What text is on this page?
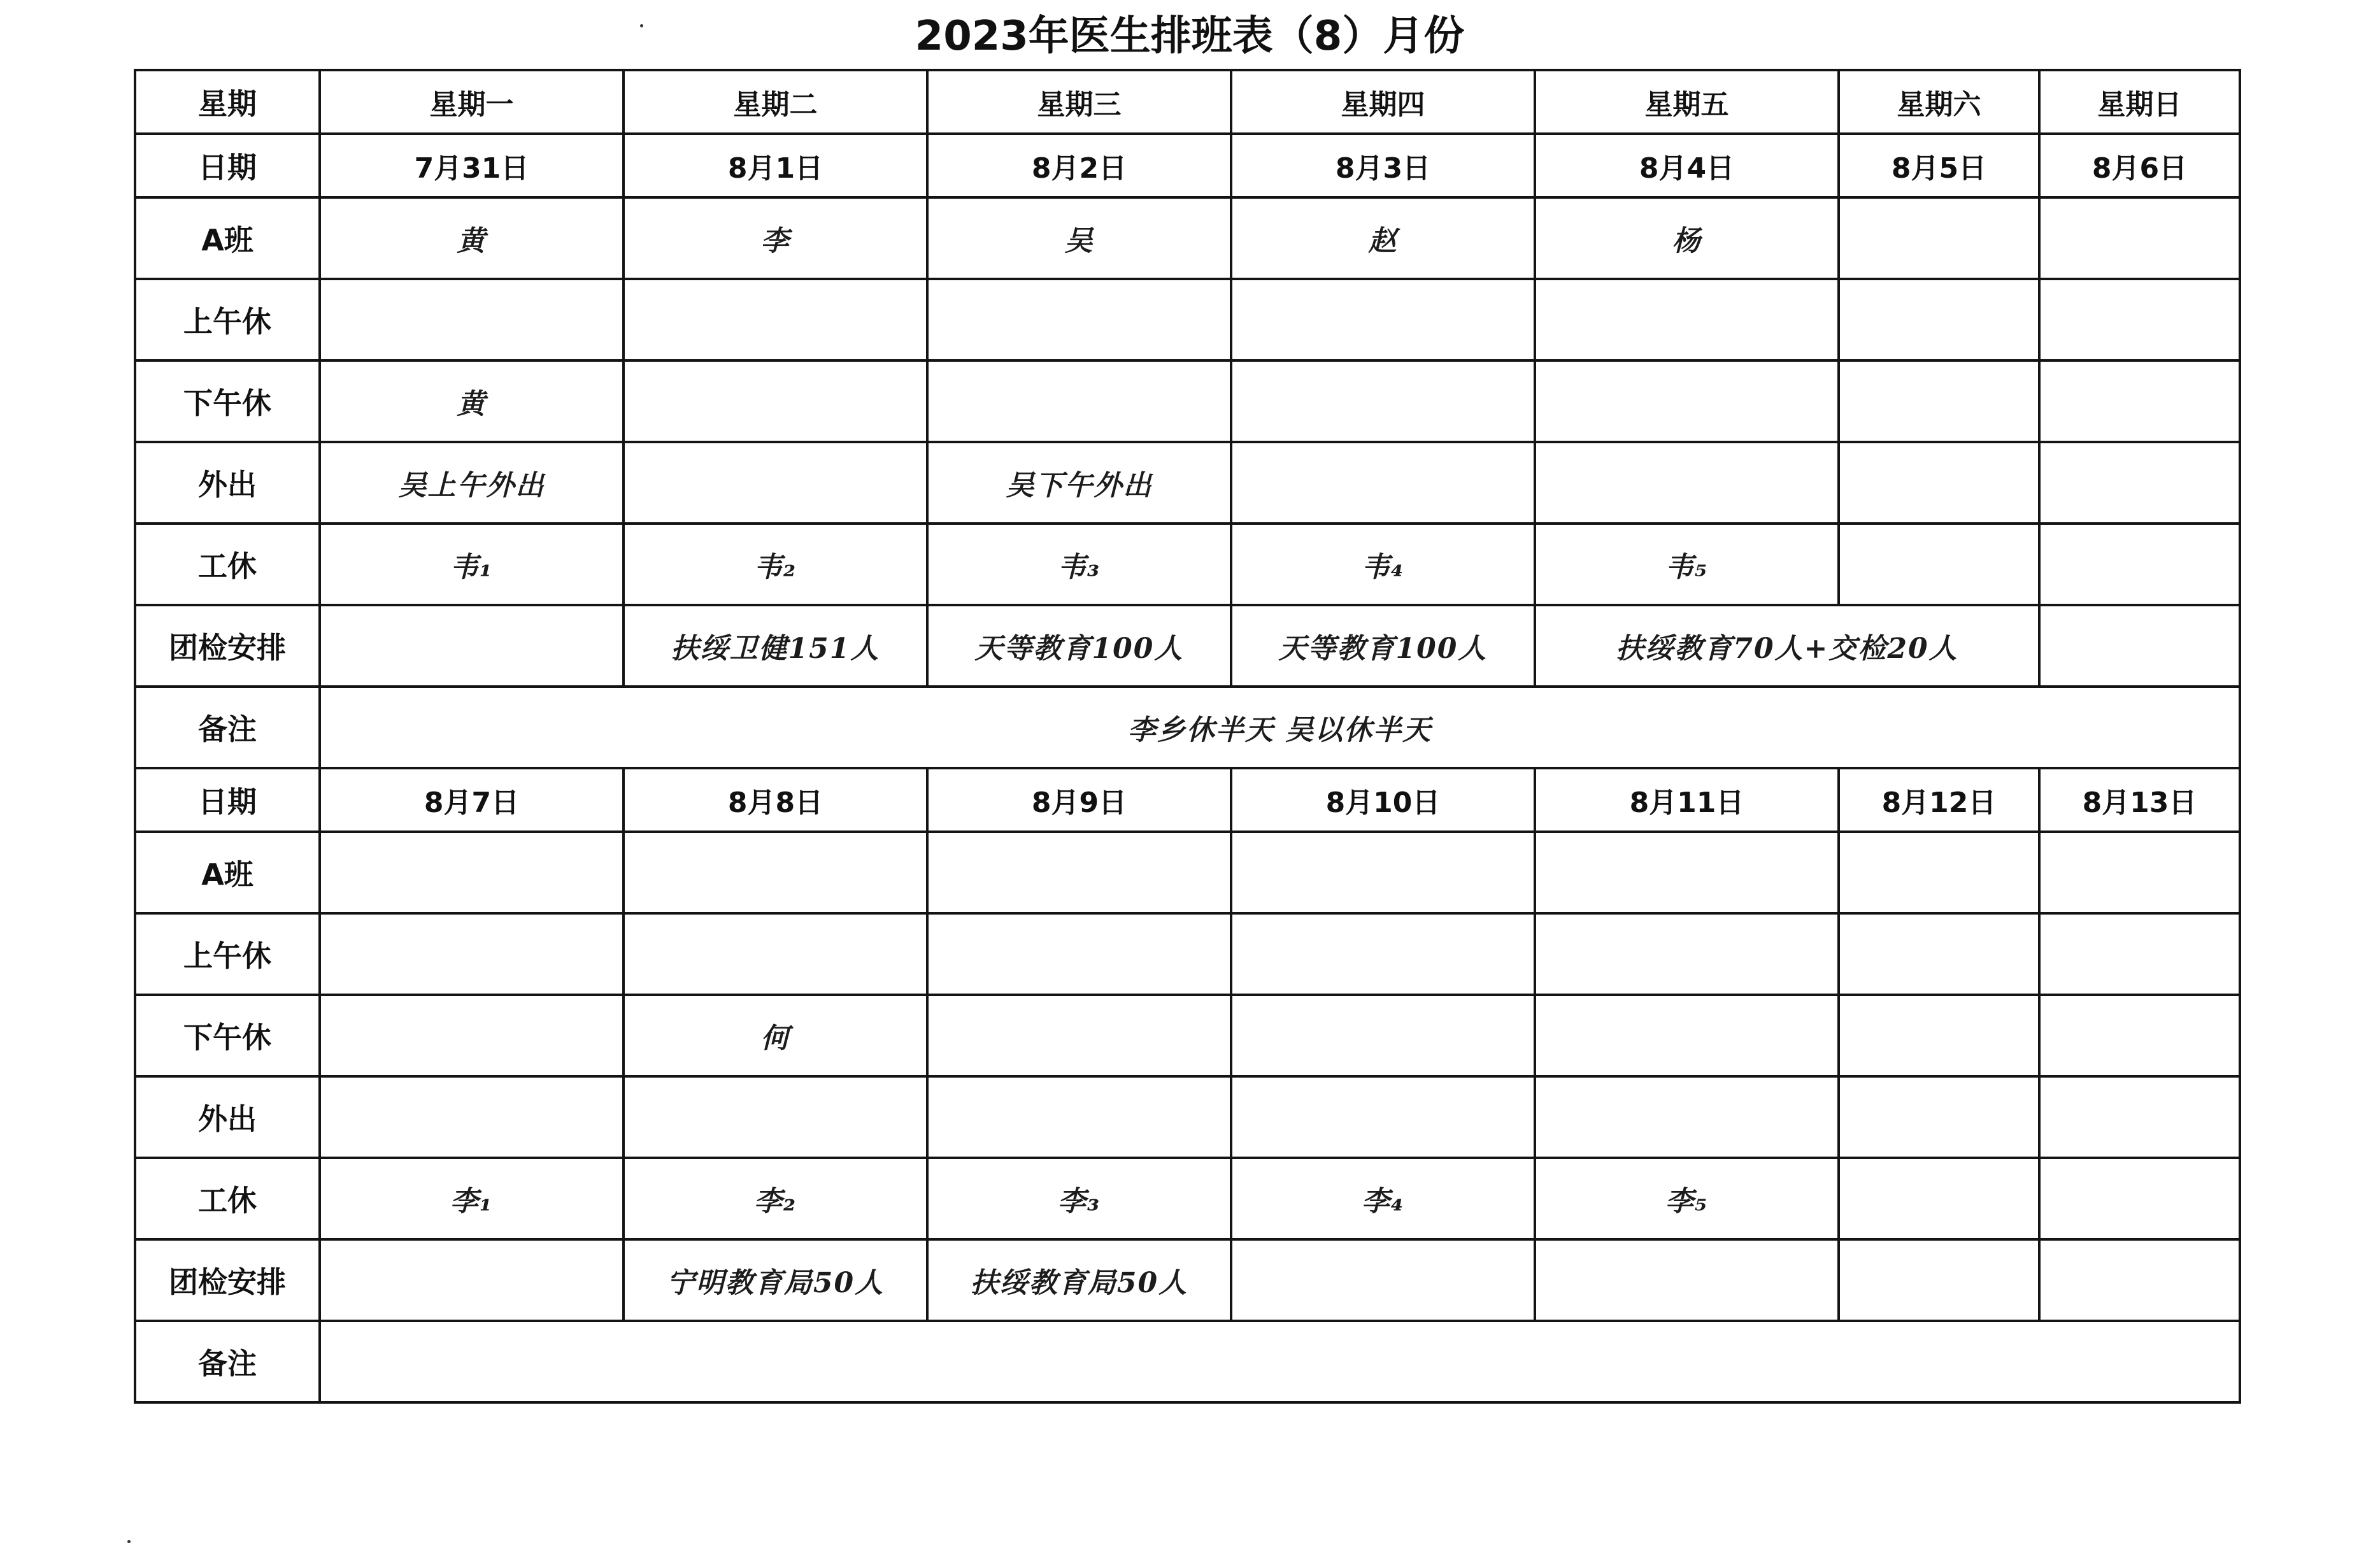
2023年医生排班表（8）月份
星期	星期一	星期二	星期三	星期四	星期五	星期六	星期日
日期	7月31日	8月1日	8月2日	8月3日	8月4日	8月5日	8月6日
A班	黄	李	吴	赵	杨		
上午休							
下午休	黄						
外出	吴上午外出		吴下午外出				
工休	韦₁	韦₂	韦₃	韦₄	韦₅		
团检安排		扶绥卫健151人	天等教育100人	天等教育100人	扶绥教育70人+交检20人		
备注	李乡休半天 吴以休半天						
日期	8月7日	8月8日	8月9日	8月10日	8月11日	8月12日	8月13日
A班							
上午休							
下午休		何					
外出							
工休	李₁	李₂	李₃	李₄	李₅		
团检安排		宁明教育局50人	扶绥教育局50人				
备注							
